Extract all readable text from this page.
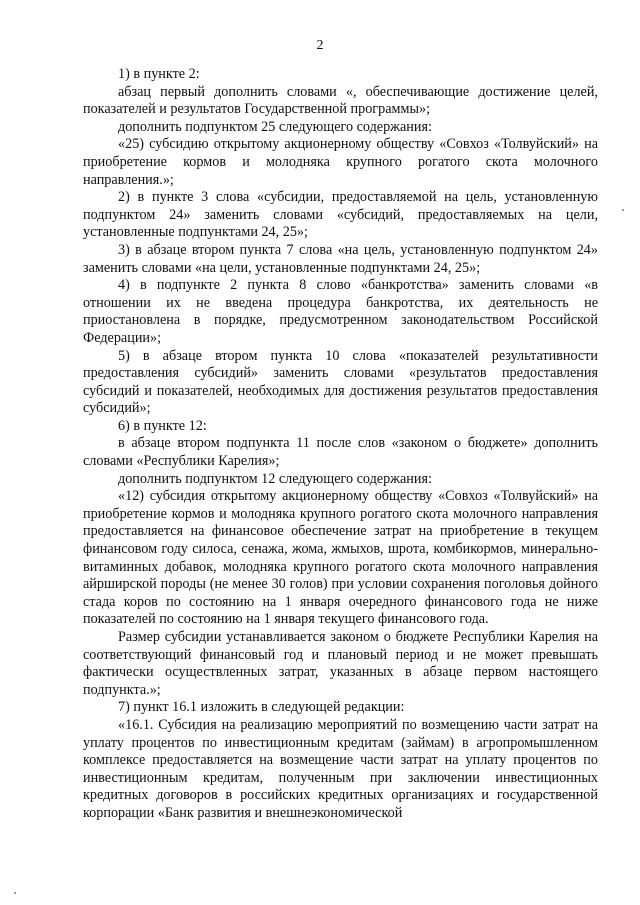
2

1) в пункте 2:

абзац первый дополнить словами «, обеспечивающие достижение целей, показателей и результатов Государственной программы»;

дополнить подпунктом 25 следующего содержания:

«25) субсидию открытому акционерному обществу «Совхоз «Толвуйский» на приобретение кормов и молодняка крупного рогатого скота молочного направления.»;

2) в пункте 3 слова «субсидии, предоставляемой на цель, установленную подпунктом 24» заменить словами «субсидий, предоставляемых на цели, установленные подпунктами 24, 25»;

3) в абзаце втором пункта 7 слова «на цель, установленную подпунктом 24» заменить словами «на цели, установленные подпунктами 24, 25»;

4) в подпункте 2 пункта 8 слово «банкротства» заменить словами «в отношении их не введена процедура банкротства, их деятельность не приостановлена в порядке, предусмотренном законодательством Российской Федерации»;

5) в абзаце втором пункта 10 слова «показателей результативности предоставления субсидий» заменить словами «результатов предоставления субсидий и показателей, необходимых для достижения результатов предоставления субсидий»;

6) в пункте 12:

в абзаце втором подпункта 11 после слов «законом о бюджете» дополнить словами «Республики Карелия»;

дополнить подпунктом 12 следующего содержания:

«12) субсидия открытому акционерному обществу «Совхоз «Толвуйский» на приобретение кормов и молодняка крупного рогатого скота молочного направления предоставляется на финансовое обеспечение затрат на приобретение в текущем финансовом году силоса, сенажа, жома, жмыхов, шрота, комбикормов, минерально-витаминных добавок, молодняка крупного рогатого скота молочного направления айрширской породы (не менее 30 голов) при условии сохранения поголовья дойного стада коров по состоянию на 1 января очередного финансового года не ниже показателей по состоянию на 1 января текущего финансового года.

Размер субсидии устанавливается законом о бюджете Республики Карелия на соответствующий финансовый год и плановый период и не может превышать фактически осуществленных затрат, указанных в абзаце первом настоящего подпункта.»;

7) пункт 16.1 изложить в следующей редакции:

«16.1. Субсидия на реализацию мероприятий по возмещению части затрат на уплату процентов по инвестиционным кредитам (займам) в агропромышленном комплексе предоставляется на возмещение части затрат на уплату процентов по инвестиционным кредитам, полученным при заключении инвестиционных кредитных договоров в российских кредитных организациях и государственной корпорации «Банк развития и внешнеэкономической
